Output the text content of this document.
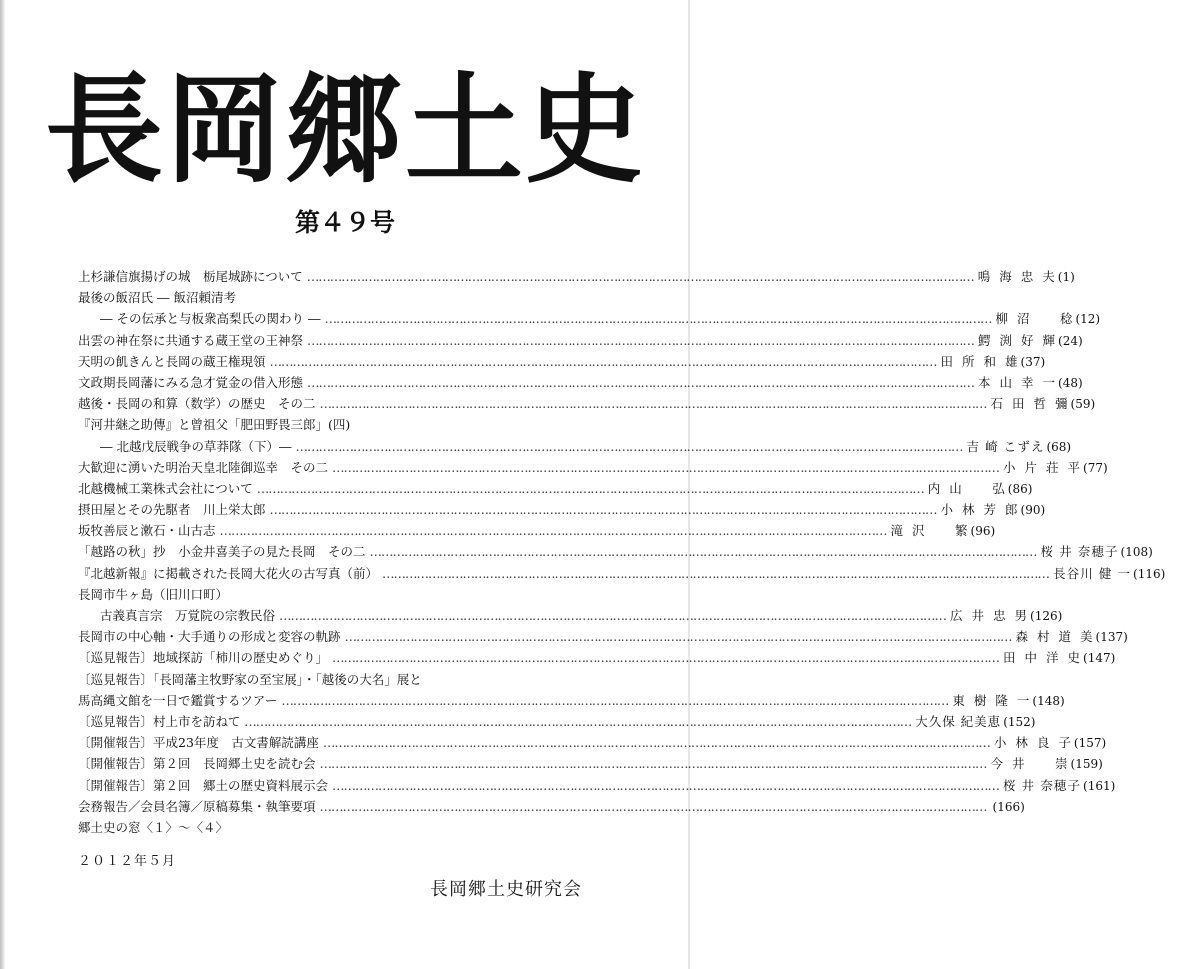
長岡郷土史
第４９号
上杉謙信旗揚げの城　栃尾城跡について …………………………………………………………………………………………………………………………………………………………	鳴 海 忠 夫 (1)
最後の飯沼氏 ― 飯沼頼清考
― その伝承と与板衆高梨氏の関わり ― …………………………………………………………………………………………………………………………………………………………	柳 沼 　 稔 (12)
出雲の神在祭に共通する蔵王堂の王神祭 …………………………………………………………………………………………………………………………………………………………	鰐 渕 好 輝 (24)
天明の飢きんと長岡の蔵王権現領 …………………………………………………………………………………………………………………………………………………………	田 所 和 雄 (37)
文政期長岡藩にみる急才覚金の借入形態 …………………………………………………………………………………………………………………………………………………………	本 山 幸 一 (48)
越後・長岡の和算（数学）の歴史　その二 …………………………………………………………………………………………………………………………………………………………	石 田 哲 彌 (59)
『河井継之助傳』と曾祖父「肥田野畏三郎」(四)
― 北越戊辰戦争の草莽隊（下）― …………………………………………………………………………………………………………………………………………………………	吉 崎 こずえ (68)
大歓迎に湧いた明治天皇北陸御巡幸　その二 …………………………………………………………………………………………………………………………………………………………	小 片 荘 平 (77)
北越機械工業株式会社について …………………………………………………………………………………………………………………………………………………………	内 山 　 弘 (86)
摂田屋とその先駆者　川上栄太郎 …………………………………………………………………………………………………………………………………………………………	小 林 芳 郎 (90)
坂牧善辰と漱石・山古志 …………………………………………………………………………………………………………………………………………………………	滝 沢 　 繁 (96)
「越路の秋」抄　小金井喜美子の見た長岡　その二 …………………………………………………………………………………………………………………………………………………………	桜 井 奈穂子 (108)
『北越新報』に掲載された長岡大花火の古写真（前） …………………………………………………………………………………………………………………………………………………………	長谷川 健 一 (116)
長岡市牛ヶ島（旧川口町）
古義真言宗　万覚院の宗教民俗 …………………………………………………………………………………………………………………………………………………………	広 井 忠 男 (126)
長岡市の中心軸・大手通りの形成と変容の軌跡 …………………………………………………………………………………………………………………………………………………………	森 村 道 美 (137)
〔巡見報告〕地域探訪「柿川の歴史めぐり」 …………………………………………………………………………………………………………………………………………………………	田 中 洋 史 (147)
〔巡見報告〕「長岡藩主牧野家の至宝展」・「越後の大名」展と
馬高縄文館を一日で鑑賞するツアー …………………………………………………………………………………………………………………………………………………………	東 樹 隆 一 (148)
〔巡見報告〕村上市を訪ねて …………………………………………………………………………………………………………………………………………………………	大久保 紀美恵 (152)
〔開催報告〕平成23年度　古文書解読講座 …………………………………………………………………………………………………………………………………………………………	小 林 良 子 (157)
〔開催報告〕第２回　長岡郷土史を読む会 …………………………………………………………………………………………………………………………………………………………	今 井 　 崇 (159)
〔開催報告〕第２回　郷土の歴史資料展示会 …………………………………………………………………………………………………………………………………………………………	桜 井 奈穂子 (161)
会務報告／会員名簿／原稿募集・執筆要項 …………………………………………………………………………………………………………………………………………………………	(166)
郷土史の窓〈１〉～〈４〉
２０１２年５月
長岡郷土史研究会
